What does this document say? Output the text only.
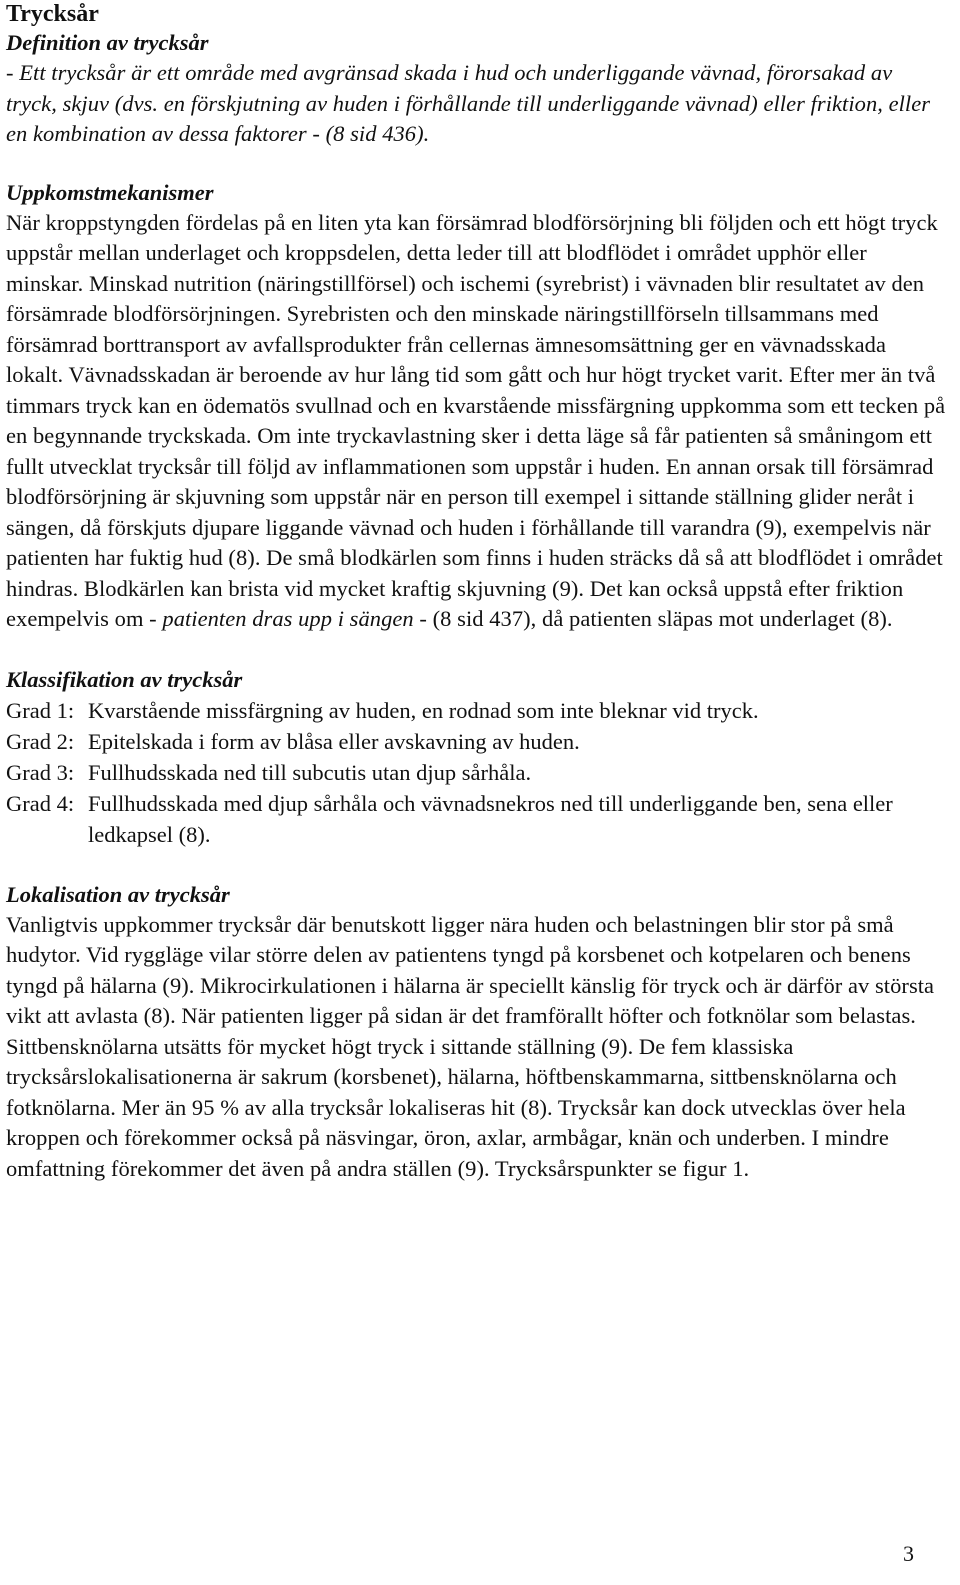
Trycksår
Definition av trycksår

- Ett trycksår är ett område med avgränsad skada i hud och underliggande vävnad, förorsakad av tryck, skjuv (dvs. en förskjutning av huden i förhållande till underliggande vävnad) eller friktion, eller en kombination av dessa faktorer - (8 sid 436).

Uppkomstmekanismer

När kroppstyngden fördelas på en liten yta kan försämrad blodförsörjning bli följden och ett högt tryck uppstår mellan underlaget och kroppsdelen, detta leder till att blodflödet i området upphör eller minskar. Minskad nutrition (näringstillförsel) och ischemi (syrebrist) i vävnaden blir resultatet av den försämrade blodförsörjningen. Syrebristen och den minskade näringstillförseln tillsammans med försämrad borttransport av avfallsprodukter från cellernas ämnesomsättning ger en vävnadsskada lokalt. Vävnadsskadan är beroende av hur lång tid som gått och hur högt trycket varit. Efter mer än två timmars tryck kan en ödematös svullnad och en kvarstående missfärgning uppkomma som ett tecken på en begynnande tryckskada. Om inte tryckavlastning sker i detta läge så får patienten så småningom ett fullt utvecklat trycksår till följd av inflammationen som uppstår i huden. En annan orsak till försämrad blodförsörjning är skjuvning som uppstår när en person till exempel i sittande ställning glider neråt i sängen, då förskjuts djupare liggande vävnad och huden i förhållande till varandra (9), exempelvis när patienten har fuktig hud (8). De små blodkärlen som finns i huden sträcks då så att blodflödet i området hindras. Blodkärlen kan brista vid mycket kraftig skjuvning (9). Det kan också uppstå efter friktion exempelvis om - patienten dras upp i sängen - (8 sid 437), då patienten släpas mot underlaget (8).

Klassifikation av trycksår
Grad 1: Kvarstående missfärgning av huden, en rodnad som inte bleknar vid tryck.
Grad 2: Epitelskada i form av blåsa eller avskavning av huden.
Grad 3: Fullhudsskada ned till subcutis utan djup sårhåla.
Grad 4: Fullhudsskada med djup sårhåla och vävnadsnekros ned till underliggande ben, sena eller ledkapsel (8).
Lokalisation av trycksår

Vanligtvis uppkommer trycksår där benutskott ligger nära huden och belastningen blir stor på små hudytor. Vid ryggläge vilar större delen av patientens tyngd på korsbenet och kotpelaren och benens tyngd på hälarna (9). Mikrocirkulationen i hälarna är speciellt känslig för tryck och är därför av största vikt att avlasta (8). När patienten ligger på sidan är det framförallt höfter och fotknölar som belastas. Sittbensknölarna utsätts för mycket högt tryck i sittande ställning (9). De fem klassiska trycksårslokalisationerna är sakrum (korsbenet), hälarna, höftbenskammarna, sittbensknölarna och fotknölarna. Mer än 95 % av alla trycksår lokaliseras hit (8). Trycksår kan dock utvecklas över hela kroppen och förekommer också på näsvingar, öron, axlar, armbågar, knän och underben. I mindre omfattning förekommer det även på andra ställen (9). Trycksårspunkter se figur 1.

3
